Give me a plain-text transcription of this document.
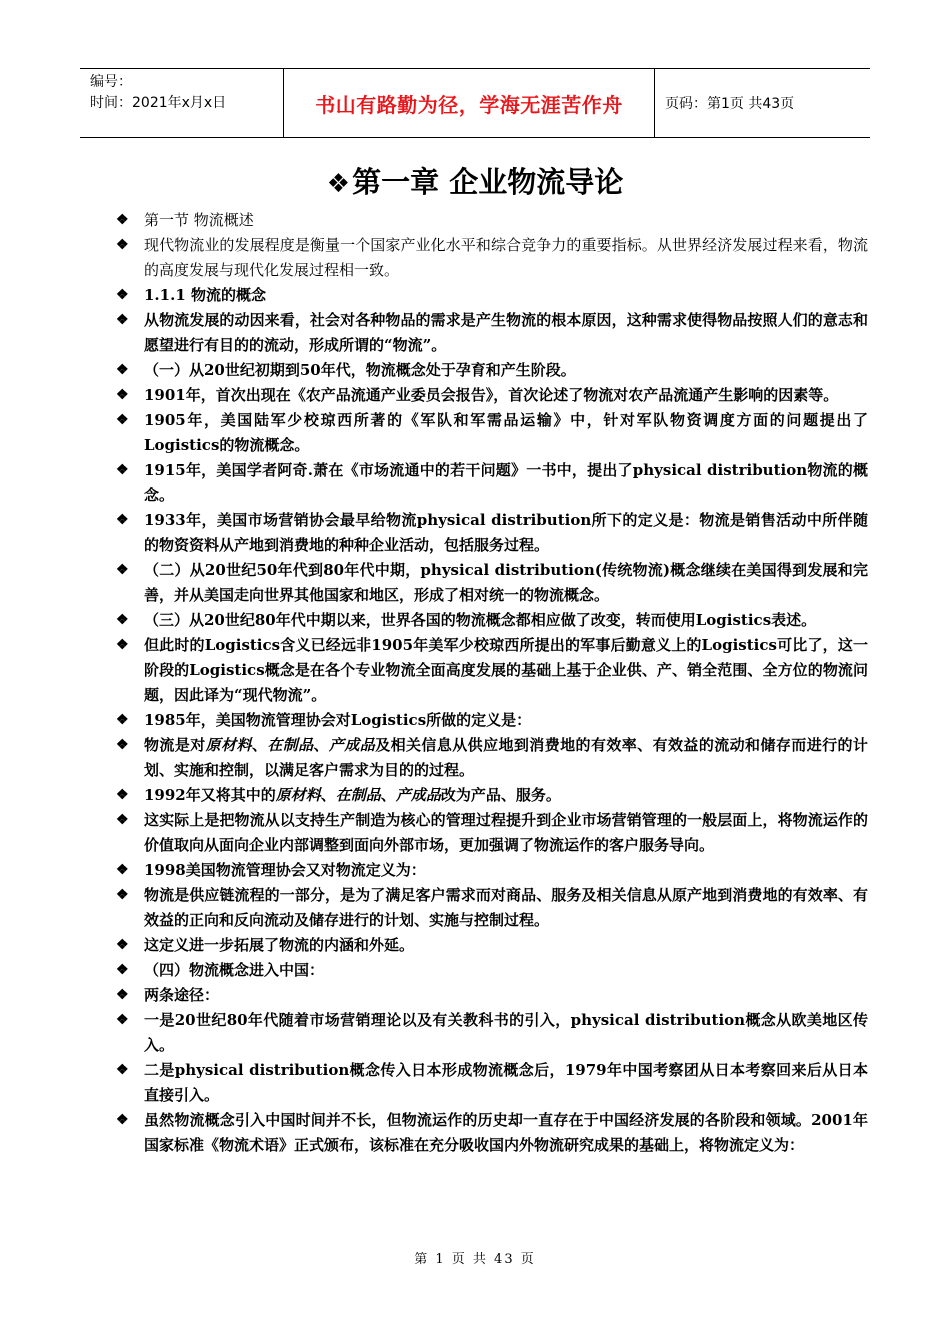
编号：
时间：2021年x月x日	书山有路勤为径，学海无涯苦作舟	页码：第1页 共43页
❖第一章 企业物流导论
❖	第一节 物流概述
❖	现代物流业的发展程度是衡量一个国家产业化水平和综合竞争力的重要指标。从世界经济发展过程来看，物流的高度发展与现代化发展过程相一致。
❖	1.1.1 物流的概念
❖	从物流发展的动因来看，社会对各种物品的需求是产生物流的根本原因，这种需求使得物品按照人们的意志和愿望进行有目的的流动，形成所谓的“物流”。
❖	（一）从20世纪初期到50年代，物流概念处于孕育和产生阶段。
❖	1901年，首次出现在《农产品流通产业委员会报告》，首次论述了物流对农产品流通产生影响的因素等。
❖	1905年，美国陆军少校琼西所著的《军队和军需品运输》中，针对军队物资调度方面的问题提出了Logistics的物流概念。
❖	1915年，美国学者阿奇.萧在《市场流通中的若干问题》一书中，提出了physical distribution物流的概念。
❖	1933年，美国市场营销协会最早给物流physical distribution所下的定义是：物流是销售活动中所伴随的物资资料从产地到消费地的种种企业活动，包括服务过程。
❖	（二）从20世纪50年代到80年代中期，physical distribution(传统物流)概念继续在美国得到发展和完善，并从美国走向世界其他国家和地区，形成了相对统一的物流概念。
❖	（三）从20世纪80年代中期以来，世界各国的物流概念都相应做了改变，转而使用Logistics表述。
❖	但此时的Logistics含义已经远非1905年美军少校琼西所提出的军事后勤意义上的Logistics可比了，这一阶段的Logistics概念是在各个专业物流全面高度发展的基础上基于企业供、产、销全范围、全方位的物流问题，因此译为“现代物流”。
❖	1985年，美国物流管理协会对Logistics所做的定义是：
❖	物流是对原材料、在制品、产成品及相关信息从供应地到消费地的有效率、有效益的流动和储存而进行的计划、实施和控制，以满足客户需求为目的的过程。
❖	1992年又将其中的原材料、在制品、产成品改为产品、服务。
❖	这实际上是把物流从以支持生产制造为核心的管理过程提升到企业市场营销管理的一般层面上，将物流运作的价值取向从面向企业内部调整到面向外部市场，更加强调了物流运作的客户服务导向。
❖	1998美国物流管理协会又对物流定义为：
❖	物流是供应链流程的一部分，是为了满足客户需求而对商品、服务及相关信息从原产地到消费地的有效率、有效益的正向和反向流动及储存进行的计划、实施与控制过程。
❖	这定义进一步拓展了物流的内涵和外延。
❖	（四）物流概念进入中国：
❖	两条途径：
❖	一是20世纪80年代随着市场营销理论以及有关教科书的引入，physical distribution概念从欧美地区传入。
❖	二是physical distribution概念传入日本形成物流概念后，1979年中国考察团从日本考察回来后从日本直接引入。
❖	虽然物流概念引入中国时间并不长，但物流运作的历史却一直存在于中国经济发展的各阶段和领域。2001年国家标准《物流术语》正式颁布，该标准在充分吸收国内外物流研究成果的基础上，将物流定义为：
第 1 页 共 43 页
